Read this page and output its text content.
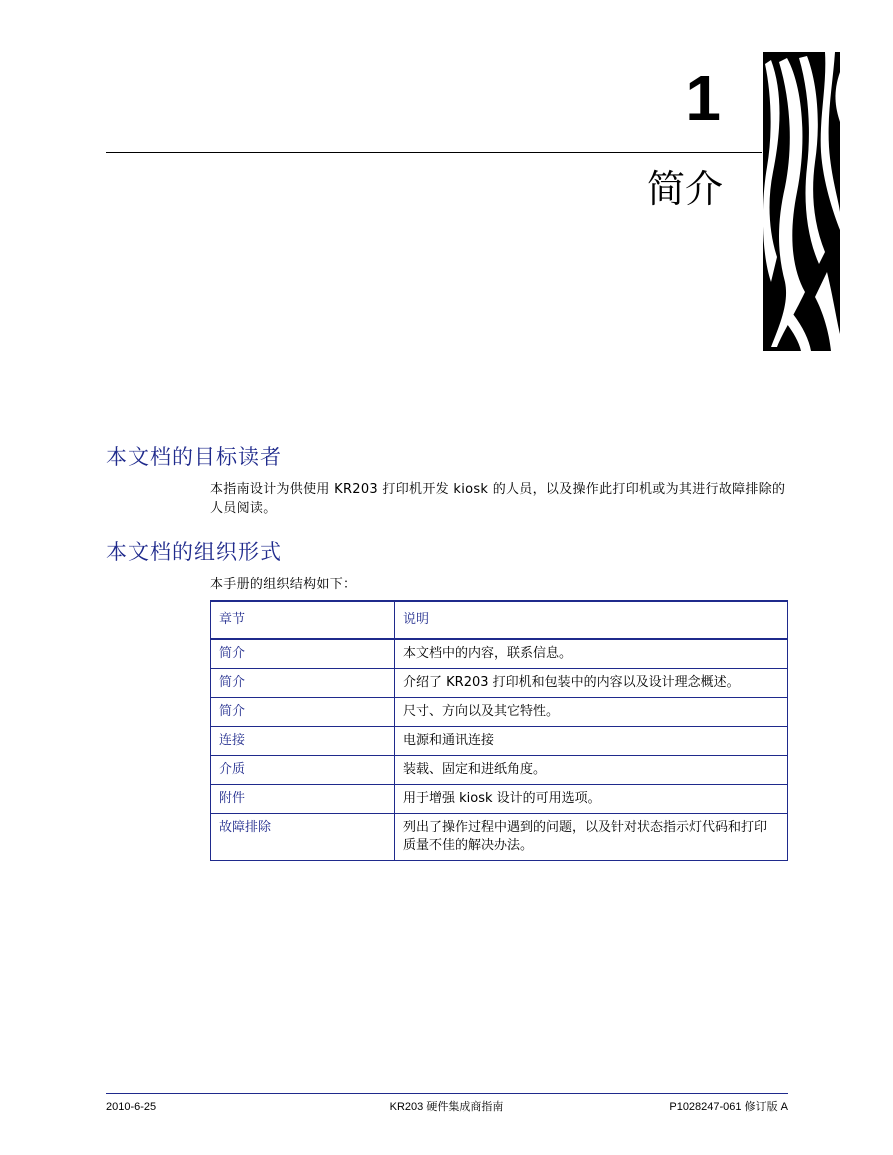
1
简介
本文档的目标读者

本指南设计为供使用 KR203 打印机开发 kiosk 的人员，以及操作此打印机或为其进行故障排除的人员阅读。

本文档的组织形式

本手册的组织结构如下：

章节	说明
简介	本文档中的内容，联系信息。
简介	介绍了 KR203 打印机和包装中的内容以及设计理念概述。
简介	尺寸、方向以及其它特性。
连接	电源和通讯连接
介质	装载、固定和进纸角度。
附件	用于增强 kiosk 设计的可用选项。
故障排除	列出了操作过程中遇到的问题，以及针对状态指示灯代码和打印质量不佳的解决办法。
2010-6-25	KR203 硬件集成商指南	P1028247-061 修订版 A
